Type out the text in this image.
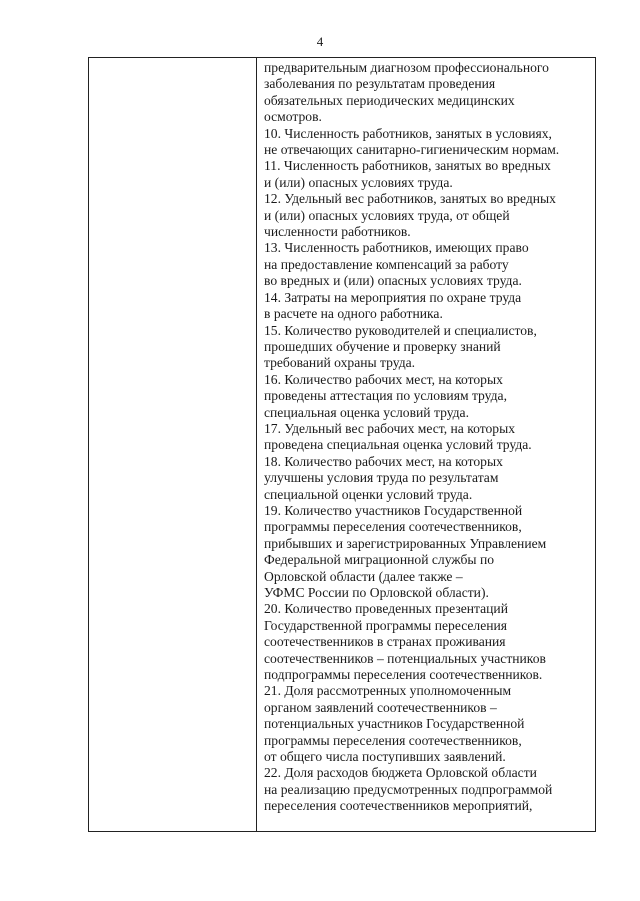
4
предварительным диагнозом профессионального
заболевания по результатам проведения
обязательных периодических медицинских
осмотров.
10. Численность работников, занятых в условиях,
не отвечающих санитарно-гигиеническим нормам.
11. Численность работников, занятых во вредных
и (или) опасных условиях труда.
12. Удельный вес работников, занятых во вредных
и (или) опасных условиях труда, от общей
численности работников.
13. Численность работников, имеющих право
на предоставление компенсаций за работу
во вредных и (или) опасных условиях труда.
14. Затраты на мероприятия по охране труда
в расчете на одного работника.
15. Количество руководителей и специалистов,
прошедших обучение и проверку знаний
требований охраны труда.
16. Количество рабочих мест, на которых
проведены аттестация по условиям труда,
специальная оценка условий труда.
17. Удельный вес рабочих мест, на которых
проведена специальная оценка условий труда.
18. Количество рабочих мест, на которых
улучшены условия труда по результатам
специальной оценки условий труда.
19. Количество участников Государственной
программы переселения соотечественников,
прибывших и зарегистрированных Управлением
Федеральной миграционной службы по
Орловской области (далее также –
УФМС России по Орловской области).
20. Количество проведенных презентаций
Государственной программы переселения
соотечественников в странах проживания
соотечественников – потенциальных участников
подпрограммы переселения соотечественников.
21. Доля рассмотренных уполномоченным
органом заявлений соотечественников –
потенциальных участников Государственной
программы переселения соотечественников,
от общего числа поступивших заявлений.
22. Доля расходов бюджета Орловской области
на реализацию предусмотренных подпрограммой
переселения соотечественников мероприятий,
